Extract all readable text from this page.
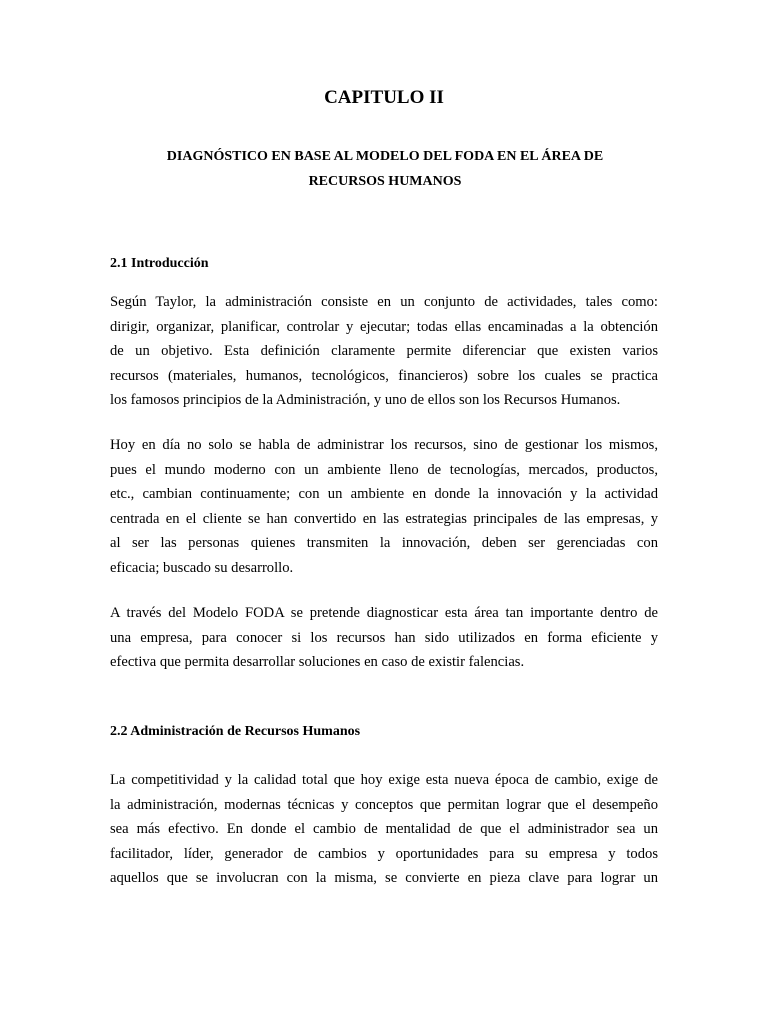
CAPITULO II
DIAGNÓSTICO EN BASE AL MODELO DEL FODA EN EL ÁREA DE
RECURSOS HUMANOS
2.1 Introducción

Según Taylor, la administración consiste en un conjunto de actividades, tales como:
dirigir, organizar, planificar, controlar y ejecutar; todas ellas encaminadas a la obtención
de un objetivo. Esta definición claramente permite diferenciar que existen varios
recursos (materiales, humanos, tecnológicos, financieros) sobre los cuales se practica
los famosos principios de la Administración, y uno de ellos son los Recursos Humanos.

Hoy en día no solo se habla de administrar los recursos, sino de gestionar los mismos,
pues el mundo moderno con un ambiente lleno de tecnologías, mercados, productos,
etc., cambian continuamente; con un ambiente en donde la innovación y la actividad
centrada en el cliente se han convertido en las estrategias principales de las empresas, y
al ser las personas quienes transmiten la innovación, deben ser gerenciadas con
eficacia; buscado su desarrollo.

A través del Modelo FODA se pretende diagnosticar esta área tan importante dentro de
una empresa, para conocer si los recursos han sido utilizados en forma eficiente y
efectiva que permita desarrollar soluciones en caso de existir falencias.

2.2 Administración de Recursos Humanos

La competitividad y la calidad total que hoy exige esta nueva época de cambio, exige de
la administración, modernas técnicas y conceptos que permitan lograr que el desempeño
sea más efectivo. En donde el cambio de mentalidad de que el administrador sea un
facilitador, líder, generador de cambios y oportunidades para su empresa y todos
aquellos que se involucran con la misma, se convierte en pieza clave para lograr un
